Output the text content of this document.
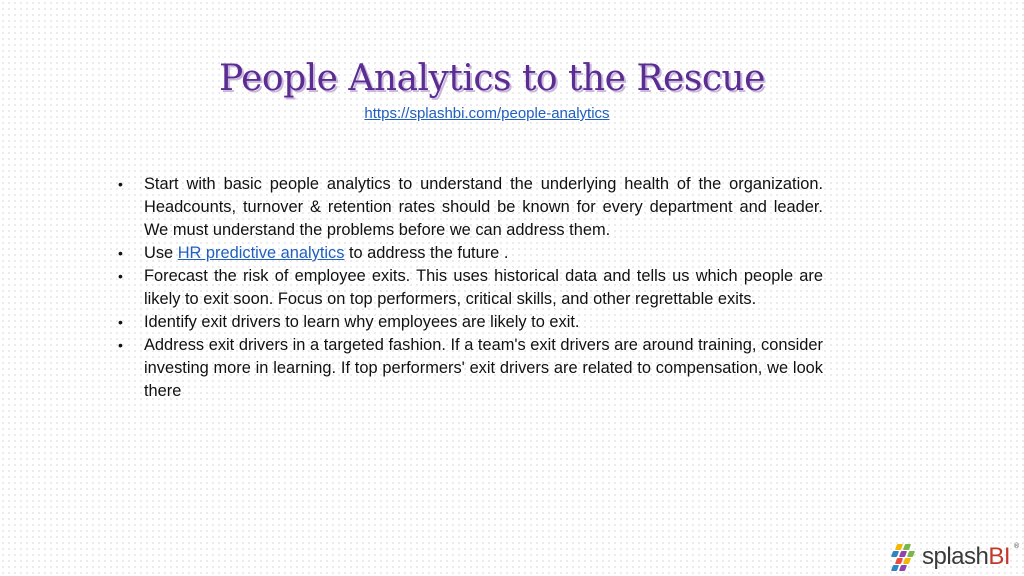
People Analytics to the Rescue
https://splashbi.com/people-analytics
• Start with basic people analytics to understand the underlying health of the organization. Headcounts, turnover & retention rates should be known for every department and leader. We must understand the problems before we can address them.
• Use HR predictive analytics to address the future .
• Forecast the risk of employee exits. This uses historical data and tells us which people are likely to exit soon. Focus on top performers, critical skills, and other regrettable exits.
• Identify exit drivers to learn why employees are likely to exit.
• Address exit drivers in a targeted fashion. If a team's exit drivers are around training, consider investing more in learning. If top performers' exit drivers are related to compensation, we look there
splashBI ®
